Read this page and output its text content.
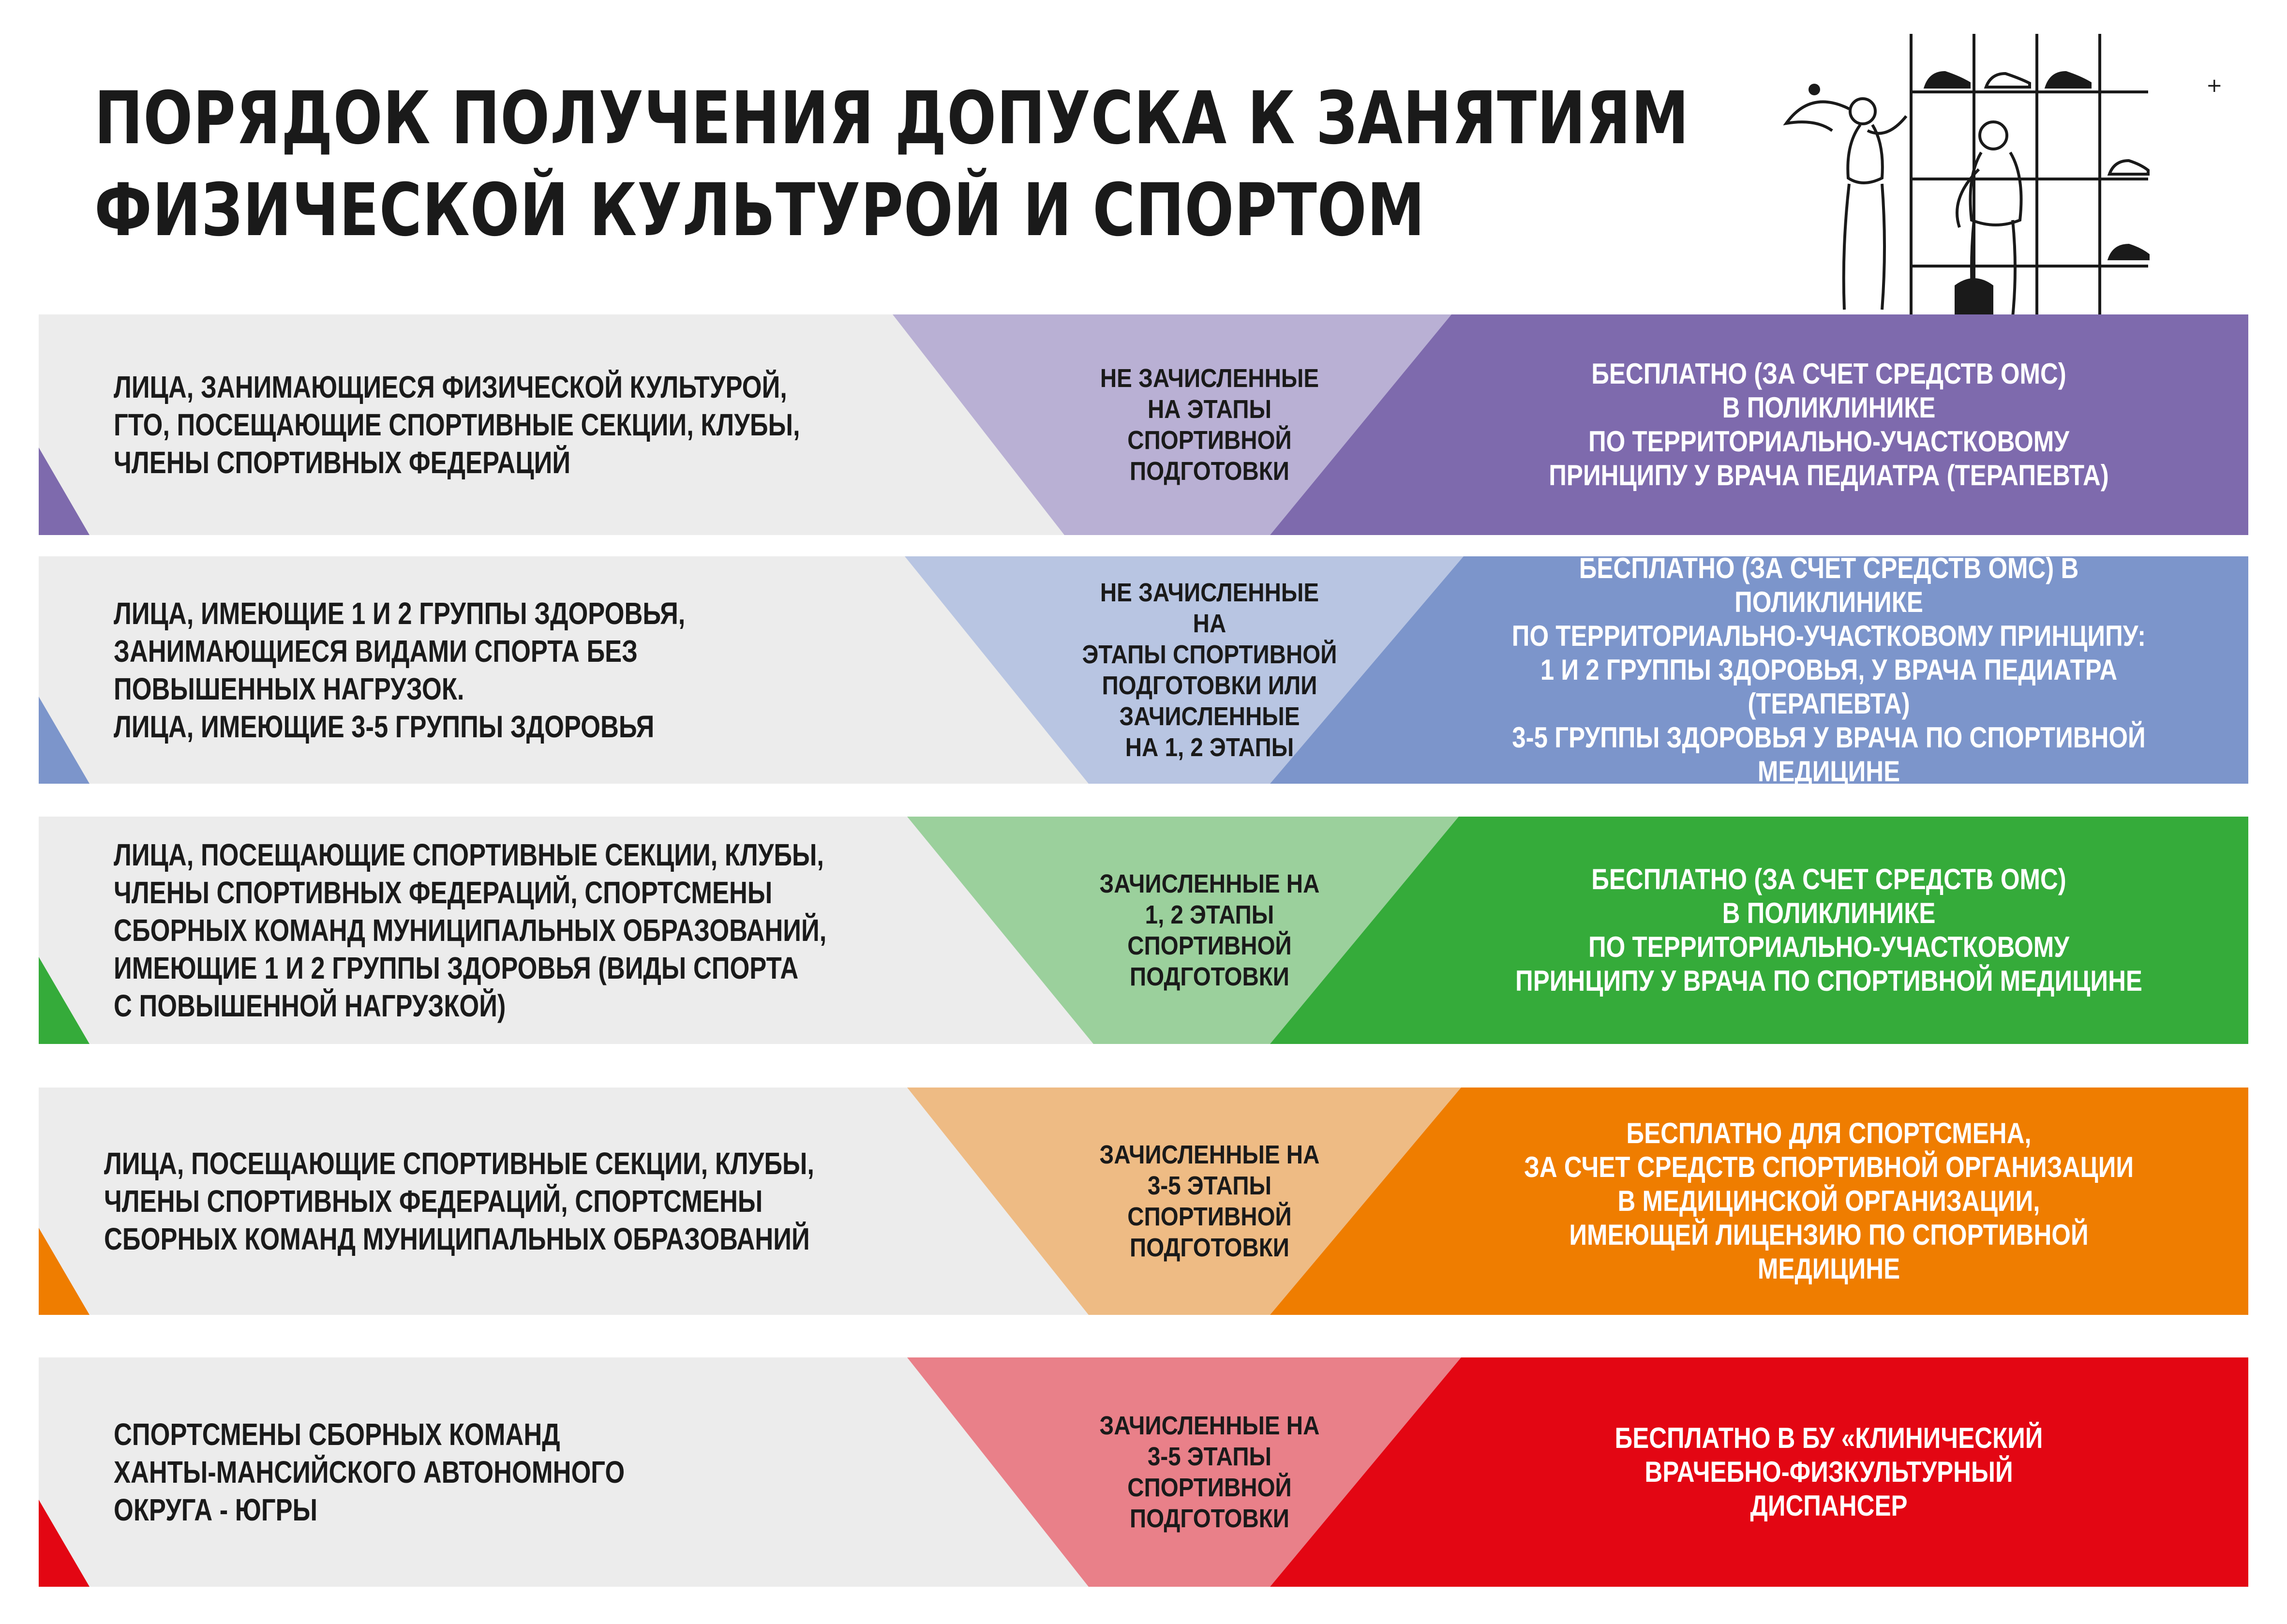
ПОРЯДОК ПОЛУЧЕНИЯ ДОПУСКА К ЗАНЯТИЯМ
ФИЗИЧЕСКОЙ КУЛЬТУРОЙ И СПОРТОМ
+
ЛИЦА, ЗАНИМАЮЩИЕСЯ ФИЗИЧЕСКОЙ КУЛЬТУРОЙ,
ГТО, ПОСЕЩАЮЩИЕ СПОРТИВНЫЕ СЕКЦИИ, КЛУБЫ,
ЧЛЕНЫ СПОРТИВНЫХ ФЕДЕРАЦИЙ
НЕ ЗАЧИСЛЕННЫЕ
НА ЭТАПЫ
СПОРТИВНОЙ
ПОДГОТОВКИ
БЕСПЛАТНО (ЗА СЧЕТ СРЕДСТВ ОМС)
В ПОЛИКЛИНИКЕ
ПО ТЕРРИТОРИАЛЬНО-УЧАСТКОВОМУ
ПРИНЦИПУ У ВРАЧА ПЕДИАТРА (ТЕРАПЕВТА)
ЛИЦА, ИМЕЮЩИЕ 1 И 2 ГРУППЫ ЗДОРОВЬЯ,
ЗАНИМАЮЩИЕСЯ ВИДАМИ СПОРТА БЕЗ
ПОВЫШЕННЫХ НАГРУЗОК.
ЛИЦА, ИМЕЮЩИЕ 3-5 ГРУППЫ ЗДОРОВЬЯ
НЕ ЗАЧИСЛЕННЫЕ НА
ЭТАПЫ СПОРТИВНОЙ
ПОДГОТОВКИ ИЛИ
ЗАЧИСЛЕННЫЕ
НА 1, 2 ЭТАПЫ
БЕСПЛАТНО (ЗА СЧЕТ СРЕДСТВ ОМС) В ПОЛИКЛИНИКЕ
ПО ТЕРРИТОРИАЛЬНО-УЧАСТКОВОМУ ПРИНЦИПУ:
1 И 2 ГРУППЫ ЗДОРОВЬЯ, У ВРАЧА ПЕДИАТРА (ТЕРАПЕВТА)
3-5 ГРУППЫ ЗДОРОВЬЯ У ВРАЧА ПО СПОРТИВНОЙ
МЕДИЦИНЕ
ЛИЦА, ПОСЕЩАЮЩИЕ СПОРТИВНЫЕ СЕКЦИИ, КЛУБЫ,
ЧЛЕНЫ СПОРТИВНЫХ ФЕДЕРАЦИЙ, СПОРТСМЕНЫ
СБОРНЫХ КОМАНД МУНИЦИПАЛЬНЫХ ОБРАЗОВАНИЙ,
ИМЕЮЩИЕ 1 И 2 ГРУППЫ ЗДОРОВЬЯ (ВИДЫ СПОРТА
С ПОВЫШЕННОЙ НАГРУЗКОЙ)
ЗАЧИСЛЕННЫЕ НА
1, 2 ЭТАПЫ
СПОРТИВНОЙ
ПОДГОТОВКИ
БЕСПЛАТНО (ЗА СЧЕТ СРЕДСТВ ОМС)
В ПОЛИКЛИНИКЕ
ПО ТЕРРИТОРИАЛЬНО-УЧАСТКОВОМУ
ПРИНЦИПУ У ВРАЧА ПО СПОРТИВНОЙ МЕДИЦИНЕ
ЛИЦА, ПОСЕЩАЮЩИЕ СПОРТИВНЫЕ СЕКЦИИ, КЛУБЫ,
ЧЛЕНЫ СПОРТИВНЫХ ФЕДЕРАЦИЙ, СПОРТСМЕНЫ
СБОРНЫХ КОМАНД МУНИЦИПАЛЬНЫХ ОБРАЗОВАНИЙ
ЗАЧИСЛЕННЫЕ НА
3-5 ЭТАПЫ
СПОРТИВНОЙ
ПОДГОТОВКИ
БЕСПЛАТНО ДЛЯ СПОРТСМЕНА,
ЗА СЧЕТ СРЕДСТВ СПОРТИВНОЙ ОРГАНИЗАЦИИ
В МЕДИЦИНСКОЙ ОРГАНИЗАЦИИ,
ИМЕЮЩЕЙ ЛИЦЕНЗИЮ ПО СПОРТИВНОЙ МЕДИЦИНЕ
СПОРТСМЕНЫ СБОРНЫХ КОМАНД
ХАНТЫ-МАНСИЙСКОГО АВТОНОМНОГО
ОКРУГА - ЮГРЫ
ЗАЧИСЛЕННЫЕ НА
3-5 ЭТАПЫ
СПОРТИВНОЙ
ПОДГОТОВКИ
БЕСПЛАТНО В БУ «КЛИНИЧЕСКИЙ
ВРАЧЕБНО-ФИЗКУЛЬТУРНЫЙ
ДИСПАНСЕР
